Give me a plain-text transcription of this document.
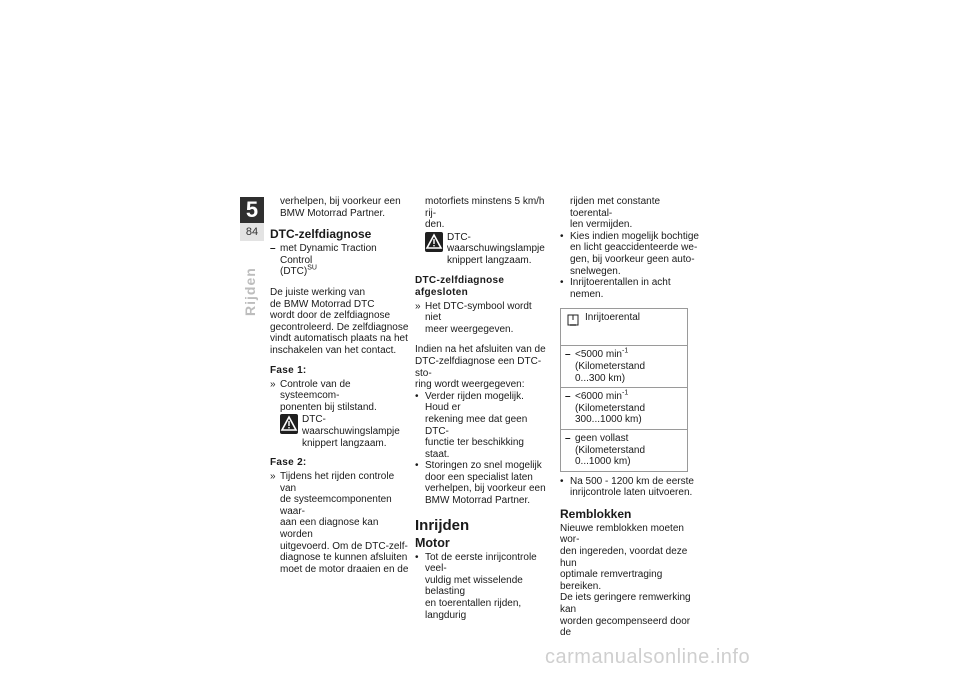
5
84
Rijden

verhelpen, bij voorkeur een

BMW Motorrad Partner.

DTC-zelfdiagnose
– met Dynamic Traction Control
(DTC)$^{SU}$

De juiste werking van

de BMW Motorrad DTC

wordt door de zelfdiagnose

gecontroleerd. De zelfdiagnose

vindt automatisch plaats na het

inschakelen van het contact.

Fase 1:
» Controle van de systeemcom-
ponenten bij stilstand.

DTC-waarschuwingslampje

knippert langzaam.

Fase 2:
» Tijdens het rijden controle van
de systeemcomponenten waar-
aan een diagnose kan worden
uitgevoerd. Om de DTC-zelf-
diagnose te kunnen afsluiten
moet de motor draaien en de

motorfiets minstens 5 km/h rij-

den.

DTC-waarschuwingslampje

knippert langzaam.

DTC-zelfdiagnose afgesloten
» Het DTC-symbool wordt niet
meer weergegeven.

Indien na het afsluiten van de

DTC-zelfdiagnose een DTC-sto-

ring wordt weergegeven:

• Verder rijden mogelijk. Houd er
rekening mee dat geen DTC-
functie ter beschikking staat.
• Storingen zo snel mogelijk
door een specialist laten
verhelpen, bij voorkeur een
BMW Motorrad Partner.
Inrijden
Motor
• Tot de eerste inrijcontrole veel-
vuldig met wisselende belasting
en toerentallen rijden, langdurig

rijden met constante toerental-

len vermijden.

• Kies indien mogelijk bochtige
en licht geaccidenteerde we-
gen, bij voorkeur geen auto-
snelwegen.
• Inrijtoerentallen in acht nemen.
Inrijtoerental

– <5000 $\min^{-1}$ (Kilometerstand
0...300 km)

– <6000 $\min^{-1}$ (Kilometerstand
300...1000 km)

– geen vollast (Kilometerstand
0...1000 km)
• Na 500 - 1200 km de eerste
inrijcontrole laten uitvoeren.
Remblokken

Nieuwe remblokken moeten wor-

den ingereden, voordat deze hun

optimale remvertraging bereiken.

De iets geringere remwerking kan

worden gecompenseerd door de

carmanualsonline.info
